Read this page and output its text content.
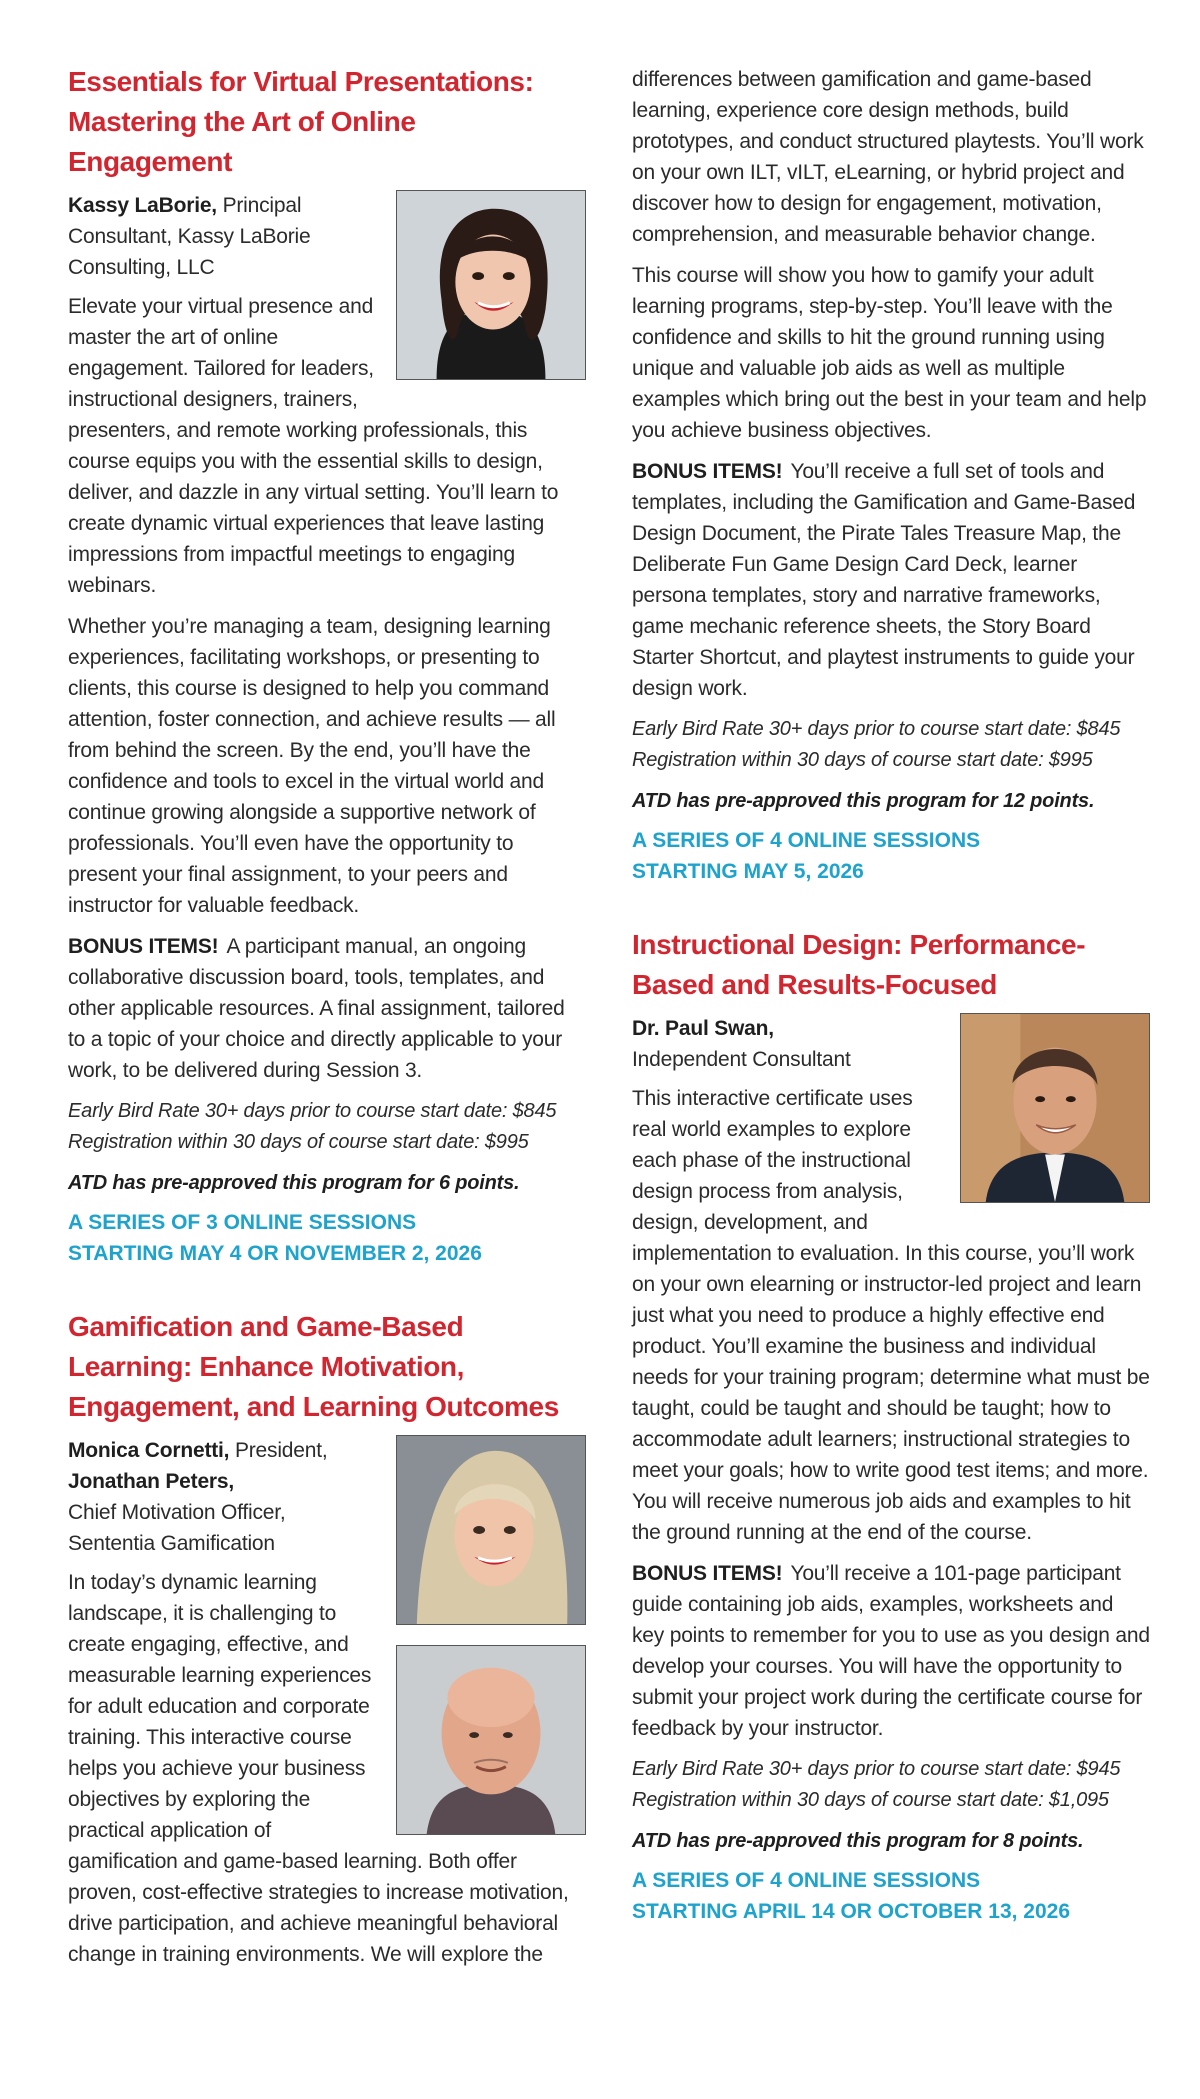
Essentials for Virtual Presentations: Mastering the Art of Online Engagement

Kassy LaBorie, Principal Consultant, Kassy LaBorie Consulting, LLC

Elevate your virtual presence and master the art of online engagement. Tailored for leaders, instructional designers, trainers, presenters, and remote working professionals, this course equips you with the essential skills to design, deliver, and dazzle in any virtual setting. You’ll learn to create dynamic virtual experiences that leave lasting impressions from impactful meetings to engaging webinars.

Whether you’re managing a team, designing learning experiences, facilitating workshops, or presenting to clients, this course is designed to help you command attention, foster connection, and achieve results — all from behind the screen. By the end, you’ll have the confidence and tools to excel in the virtual world and continue growing alongside a supportive network of professionals. You’ll even have the opportunity to present your final assignment, to your peers and instructor for valuable feedback.

BONUS ITEMS! A participant manual, an ongoing collaborative discussion board, tools, templates, and other applicable resources. A final assignment, tailored to a topic of your choice and directly applicable to your work, to be delivered during Session 3.

Early Bird Rate 30+ days prior to course start date: $845

Registration within 30 days of course start date: $995

ATD has pre-approved this program for 6 points.

A SERIES OF 3 ONLINE SESSIONS

STARTING MAY 4 OR NOVEMBER 2, 2026

Gamification and Game-Based Learning: Enhance Motivation, Engagement, and Learning Outcomes

Monica Cornetti, President,
Jonathan Peters,
Chief Motivation Officer, Sententia Gamification

In today’s dynamic learning landscape, it is challenging to create engaging, effective, and measurable learning experiences for adult education and corporate training. This interactive course helps you achieve your business objectives by exploring the practical application of gamification and game-based learning. Both offer proven, cost-effective strategies to increase motivation, drive participation, and achieve meaningful behavioral change in training environments. We will explore the

differences between gamification and game-based learning, experience core design methods, build prototypes, and conduct structured playtests. You’ll work on your own ILT, vILT, eLearning, or hybrid project and discover how to design for engagement, motivation, comprehension, and measurable behavior change.

This course will show you how to gamify your adult learning programs, step-by-step. You’ll leave with the confidence and skills to hit the ground running using unique and valuable job aids as well as multiple examples which bring out the best in your team and help you achieve business objectives.

BONUS ITEMS! You’ll receive a full set of tools and templates, including the Gamification and Game-Based Design Document, the Pirate Tales Treasure Map, the Deliberate Fun Game Design Card Deck, learner persona templates, story and narrative frameworks, game mechanic reference sheets, the Story Board Starter Shortcut, and playtest instruments to guide your design work.

Early Bird Rate 30+ days prior to course start date: $845

Registration within 30 days of course start date: $995

ATD has pre-approved this program for 12 points.

A SERIES OF 4 ONLINE SESSIONS

STARTING MAY 5, 2026

Instructional Design: Performance-Based and Results-Focused

Dr. Paul Swan,
Independent Consultant

This interactive certificate uses real world examples to explore each phase of the instructional design process from analysis, design, development, and implementation to evaluation. In this course, you’ll work on your own elearning or instructor-led project and learn just what you need to produce a highly effective end product. You’ll examine the business and individual needs for your training program; determine what must be taught, could be taught and should be taught; how to accommodate adult learners; instructional strategies to meet your goals; how to write good test items; and more. You will receive numerous job aids and examples to hit the ground running at the end of the course.

BONUS ITEMS! You’ll receive a 101-page participant guide containing job aids, examples, worksheets and key points to remember for you to use as you design and develop your courses. You will have the opportunity to submit your project work during the certificate course for feedback by your instructor.

Early Bird Rate 30+ days prior to course start date: $945

Registration within 30 days of course start date: $1,095

ATD has pre-approved this program for 8 points.

A SERIES OF 4 ONLINE SESSIONS

STARTING APRIL 14 OR OCTOBER 13, 2026
